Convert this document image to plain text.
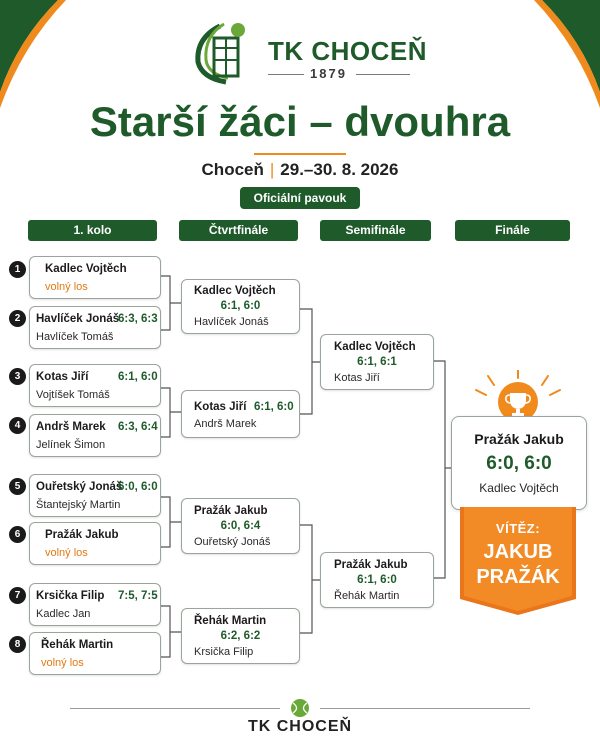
TK CHOCEŇ
1879
Starší žáci – dvouhra
Choceň | 29.–30. 8. 2026
Oficiální pavouk
1. kolo	Čtvrtfinále	Semifinále	Finále
1	Kadlec Vojtěch
volný los
2	Havlíček Jonáš
6:3, 6:3
Havlíček Tomáš
3	Kotas Jiří	6:1, 6:0
Vojtíšek Tomáš
4	Andrš Marek 6:3, 6:4
Jelínek Šimon
5	Ouřetský Jonáš
6:0, 6:0
Štantejský Martin
6	Pražák Jakub
volný los
7	Krsička Filip 7:5, 7:5
Kadlec Jan
8	Řehák Martin
volný los
Kadlec Vojtěch
6:1, 6:0
Havlíček Jonáš
Kotas Jiří 6:1, 6:0
Andrš Marek
Pražák Jakub
6:0, 6:4
Ouřetský Jonáš
Řehák Martin
6:2, 6:2
Krsička Filip
Kadlec Vojtěch
6:1, 6:1
Kotas Jiří
Pražák Jakub
6:1, 6:0
Řehák Martin
Pražák Jakub
6:0, 6:0
Kadlec Vojtěch
VÍTĚZ:
JAKUB
PRAŽÁK
TK CHOCEŇ
